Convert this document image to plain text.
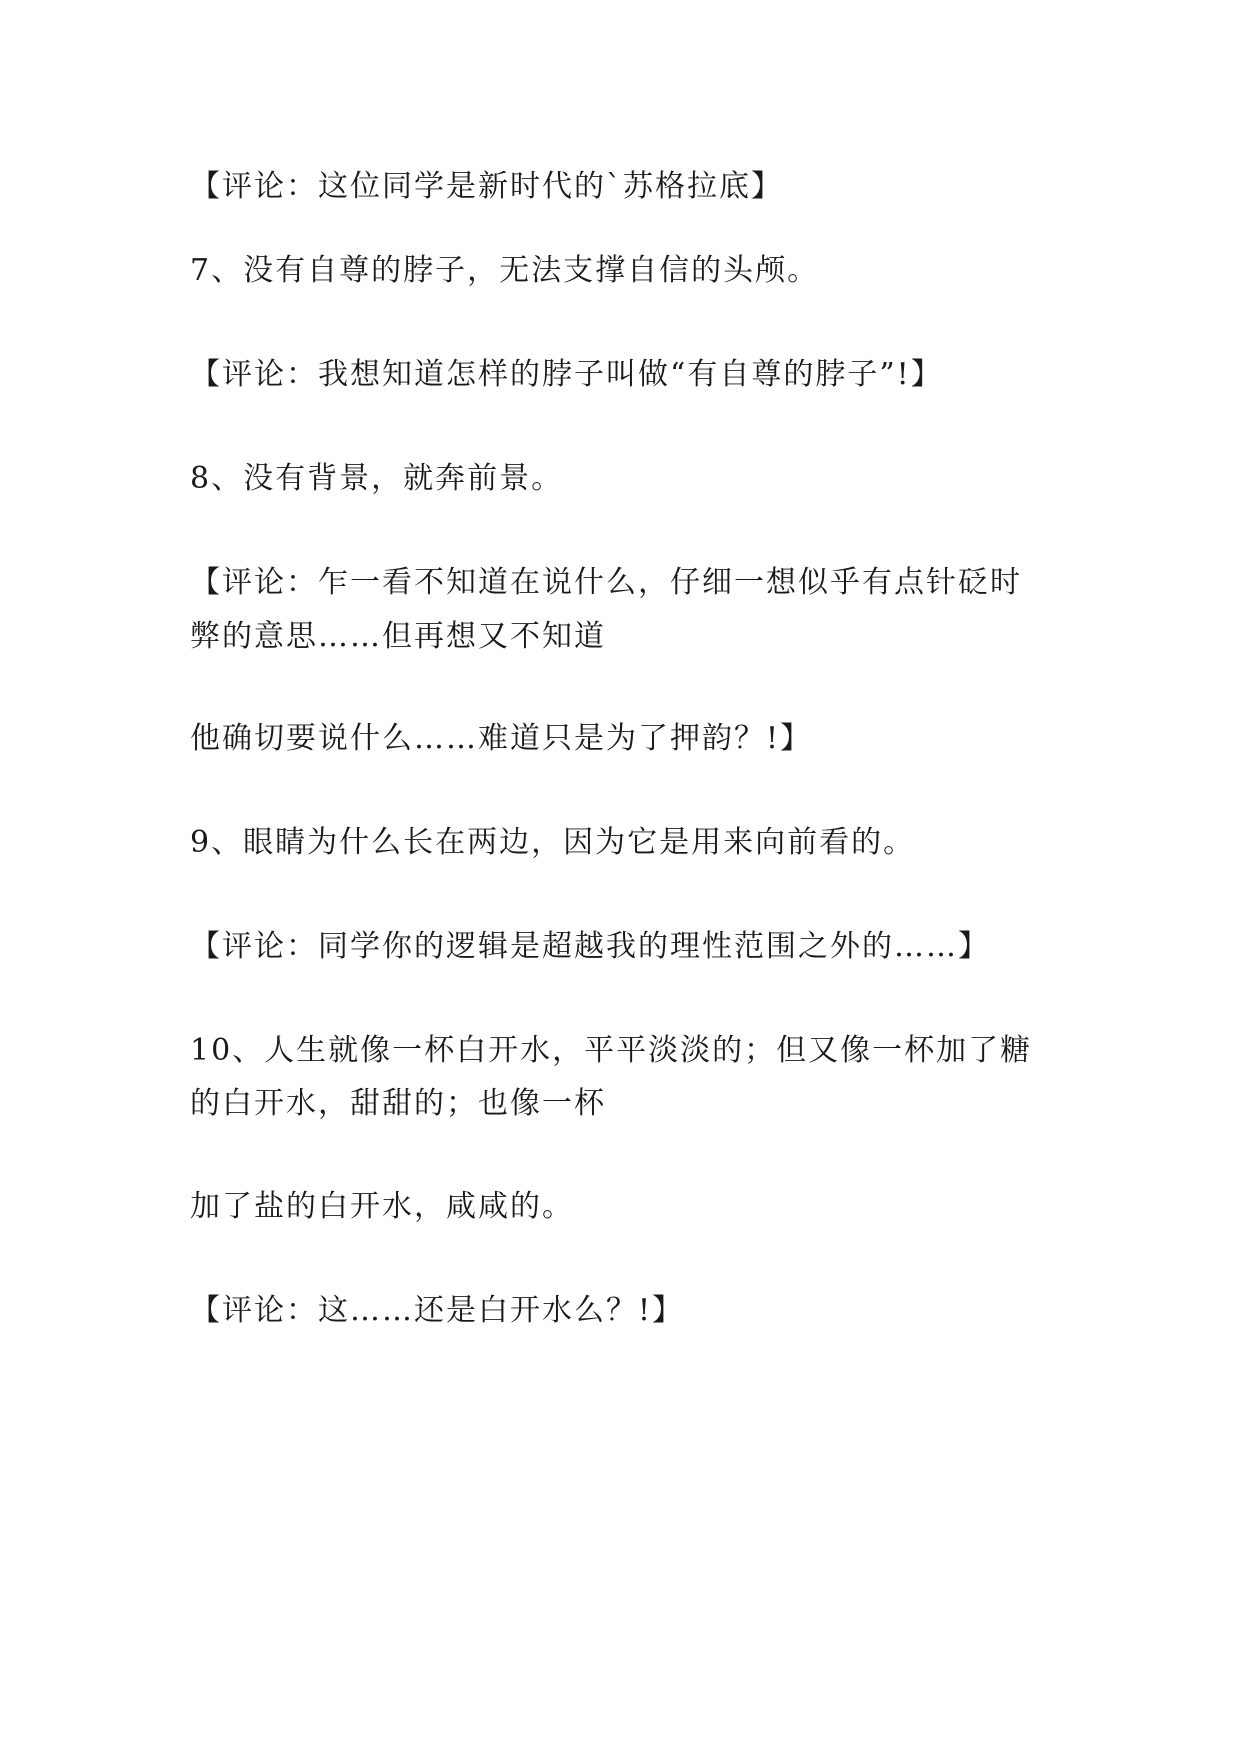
【评论：这位同学是新时代的`苏格拉底】
7、没有自尊的脖子，无法支撑自信的头颅。
【评论：我想知道怎样的脖子叫做“有自尊的脖子”!】
8、没有背景，就奔前景。
【评论：乍一看不知道在说什么，仔细一想似乎有点针砭时
弊的意思……但再想又不知道
他确切要说什么……难道只是为了押韵？!】
9、眼睛为什么长在两边，因为它是用来向前看的。
【评论：同学你的逻辑是超越我的理性范围之外的……】
10、人生就像一杯白开水，平平淡淡的；但又像一杯加了糖
的白开水，甜甜的；也像一杯
加了盐的白开水，咸咸的。
【评论：这……还是白开水么？!】
